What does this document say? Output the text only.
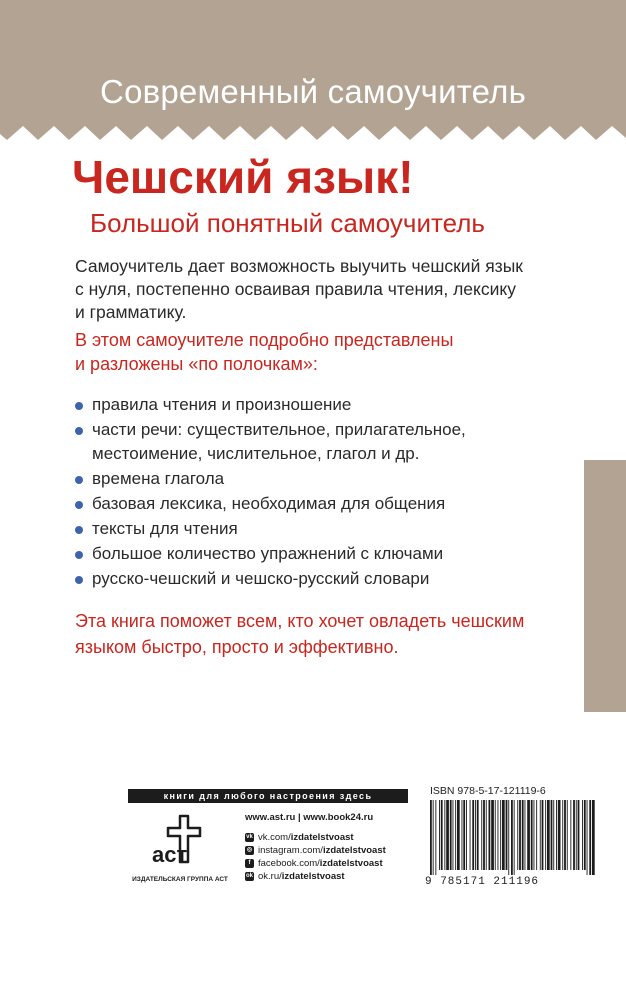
Современный самоучитель
Чешский язык!
Большой понятный самоучитель
Самоучитель дает возможность выучить чешский язык
с нуля, постепенно осваивая правила чтения, лексику
и грамматику.
В этом самоучителе подробно представлены
и разложены «по полочкам»:
правила чтения и произношение
части речи: существительное, прилагательное,
местоимение, числительное, глагол и др.
времена глагола
базовая лексика, необходимая для общения
тексты для чтения
большое количество упражнений с ключами
русско-чешский и чешско-русский словари
Эта книга поможет всем, кто хочет овладеть чешским
языком быстро, просто и эффективно.
книги для любого настроения здесь
аст
ИЗДАТЕЛЬСКАЯ ГРУППА АСТ
www.ast.ru | www.book24.ru
vk vk.com/izdatelstvoast
◎ instagram.com/izdatelstvoast
f facebook.com/izdatelstvoast
ok ok.ru/izdatelstvoast
ISBN 978-5-17-121119-6
9 785171 211196
